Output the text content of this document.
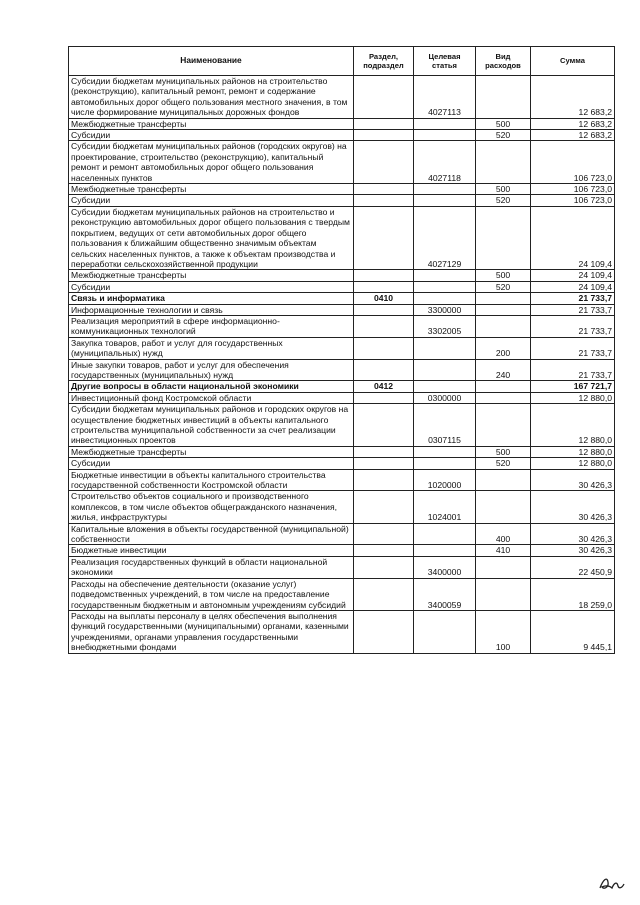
Наименование	Раздел, подраздел	Целевая статья	Вид расходов	Сумма
Субсидии бюджетам муниципальных районов на строительство (реконструкцию), капитальный ремонт, ремонт и содержание автомобильных дорог общего пользования местного значения, в том числе формирование муниципальных дорожных фондов		4027113		12 683,2
Межбюджетные трансферты			500	12 683,2
Субсидии			520	12 683,2
Субсидии бюджетам муниципальных районов (городских округов) на проектирование, строительство (реконструкцию), капитальный ремонт и ремонт автомобильных дорог общего пользования населенных пунктов		4027118		106 723,0
Межбюджетные трансферты			500	106 723,0
Субсидии			520	106 723,0
Субсидии бюджетам муниципальных районов на строительство и реконструкцию автомобильных дорог общего пользования с твердым покрытием, ведущих от сети автомобильных дорог общего пользования к ближайшим общественно значимым объектам сельских населенных пунктов, а также к объектам производства и переработки сельскохозяйственной продукции		4027129		24 109,4
Межбюджетные трансферты			500	24 109,4
Субсидии			520	24 109,4
Связь и информатика	0410			21 733,7
Информационные технологии и связь		3300000		21 733,7
Реализация мероприятий в сфере информационно-коммуникационных технологий		3302005		21 733,7
Закупка товаров, работ и услуг для государственных (муниципальных) нужд			200	21 733,7
Иные закупки товаров, работ и услуг для обеспечения государственных (муниципальных) нужд			240	21 733,7
Другие вопросы в области национальной экономики	0412			167 721,7
Инвестиционный фонд Костромской области		0300000		12 880,0
Субсидии бюджетам муниципальных районов и городских округов на осуществление бюджетных инвестиций в объекты капитального строительства муниципальной собственности за счет реализации инвестиционных проектов		0307115		12 880,0
Межбюджетные трансферты			500	12 880,0
Субсидии			520	12 880,0
Бюджетные инвестиции в объекты капитального строительства государственной собственности Костромской области		1020000		30 426,3
Строительство объектов социального и производственного комплексов, в том числе объектов общегражданского назначения, жилья, инфраструктуры		1024001		30 426,3
Капитальные вложения в объекты государственной (муниципальной) собственности			400	30 426,3
Бюджетные инвестиции			410	30 426,3
Реализация государственных функций в области национальной экономики		3400000		22 450,9
Расходы на обеспечение деятельности (оказание услуг) подведомственных учреждений, в том числе на предоставление государственным бюджетным и автономным учреждениям субсидий		3400059		18 259,0
Расходы на выплаты персоналу в целях обеспечения выполнения функций государственными (муниципальными) органами, казенными учреждениями, органами управления государственными внебюджетными фондами			100	9 445,1
